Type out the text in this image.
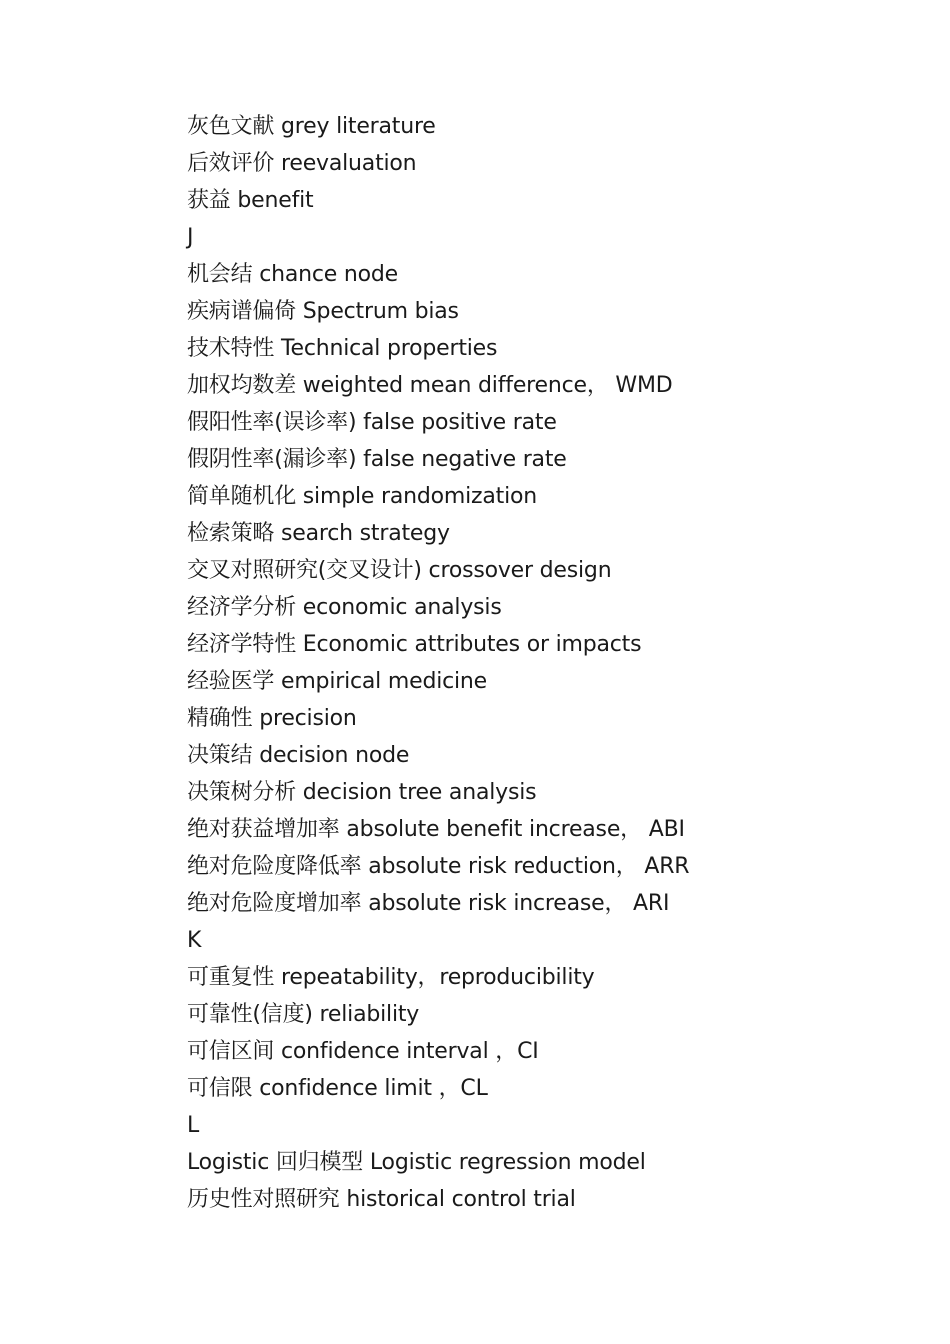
灰色文献 grey literature
后效评价 reevaluation
获益 benefit
J
机会结 chance node
疾病谱偏倚 Spectrum bias
技术特性 Technical properties
加权均数差 weighted mean difference， WMD
假阳性率(误诊率) false positive rate
假阴性率(漏诊率) false negative rate
简单随机化 simple randomization
检索策略 search strategy
交叉对照研究(交叉设计) crossover design
经济学分析 economic analysis
经济学特性 Economic attributes or impacts
经验医学 empirical medicine
精确性 precision
决策结 decision node
决策树分析 decision tree analysis
绝对获益增加率 absolute benefit increase， ABI
绝对危险度降低率 absolute risk reduction， ARR
绝对危险度增加率 absolute risk increase， ARI
K
可重复性 repeatability，reproducibility
可靠性(信度) reliability
可信区间 confidence interval ，CI
可信限 confidence limit ，CL
L
Logistic 回归模型 Logistic regression model
历史性对照研究 historical control trial
